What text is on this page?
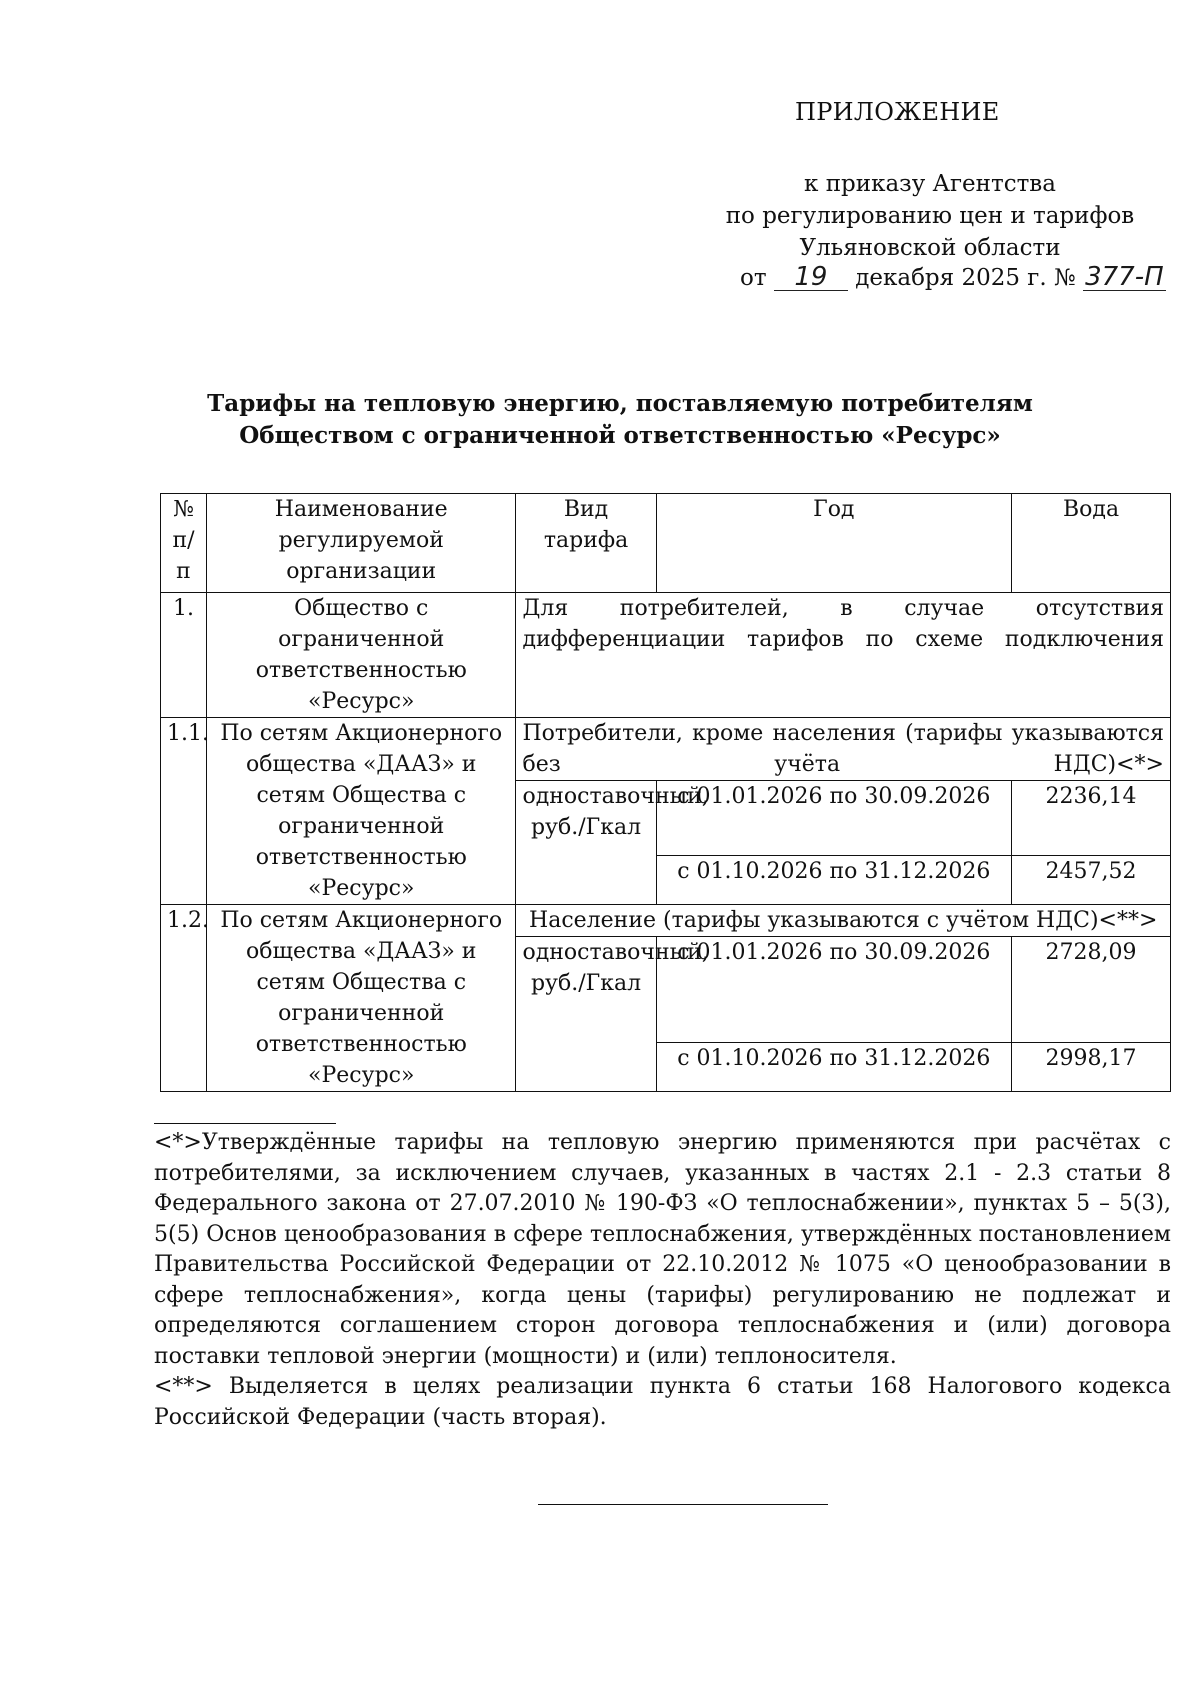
ПРИЛОЖЕНИЕ
к приказу Агентства
по регулированию цен и тарифов
Ульяновской области
от 19 декабря 2025 г. № 377-П
Тарифы на тепловую энергию, поставляемую потребителям
Обществом с ограниченной ответственностью «Ресурс»
№ п/п	Наименование регулируемой организации	Вид тарифа	Год	Вода
1.	Общество с ограниченной ответственностью «Ресурс»	Для потребителей, в случае отсутствия дифференциации тарифов по схеме подключения		
1.1.	По сетям Акционерного общества «ДААЗ» и сетям Общества с ограниченной ответственностью «Ресурс»	Потребители, кроме населения (тарифы указываются без учёта НДС)<*>		
		одноставочный, руб./Гкал	с 01.01.2026 по 30.09.2026	2236,14
			с 01.10.2026 по 31.12.2026	2457,52
1.2.	По сетям Акционерного общества «ДААЗ» и сетям Общества с ограниченной ответственностью «Ресурс»	Население (тарифы указываются с учётом НДС)<**>		
		одноставочный, руб./Гкал	с 01.01.2026 по 30.09.2026	2728,09
			с 01.10.2026 по 31.12.2026	2998,17

<*>Утверждённые тарифы на тепловую энергию применяются при расчётах с потребителями, за исключением случаев, указанных в частях 2.1 - 2.3 статьи 8 Федерального закона от 27.07.2010 № 190-ФЗ «О теплоснабжении», пунктах 5 – 5(3), 5(5) Основ ценообразования в сфере теплоснабжения, утверждённых постановлением Правительства Российской Федерации от 22.10.2012 № 1075 «О ценообразовании в сфере теплоснабжения», когда цены (тарифы) регулированию не подлежат и определяются соглашением сторон договора теплоснабжения и (или) договора поставки тепловой энергии (мощности) и (или) теплоносителя.

<**> Выделяется в целях реализации пункта 6 статьи 168 Налогового кодекса Российской Федерации (часть вторая).
